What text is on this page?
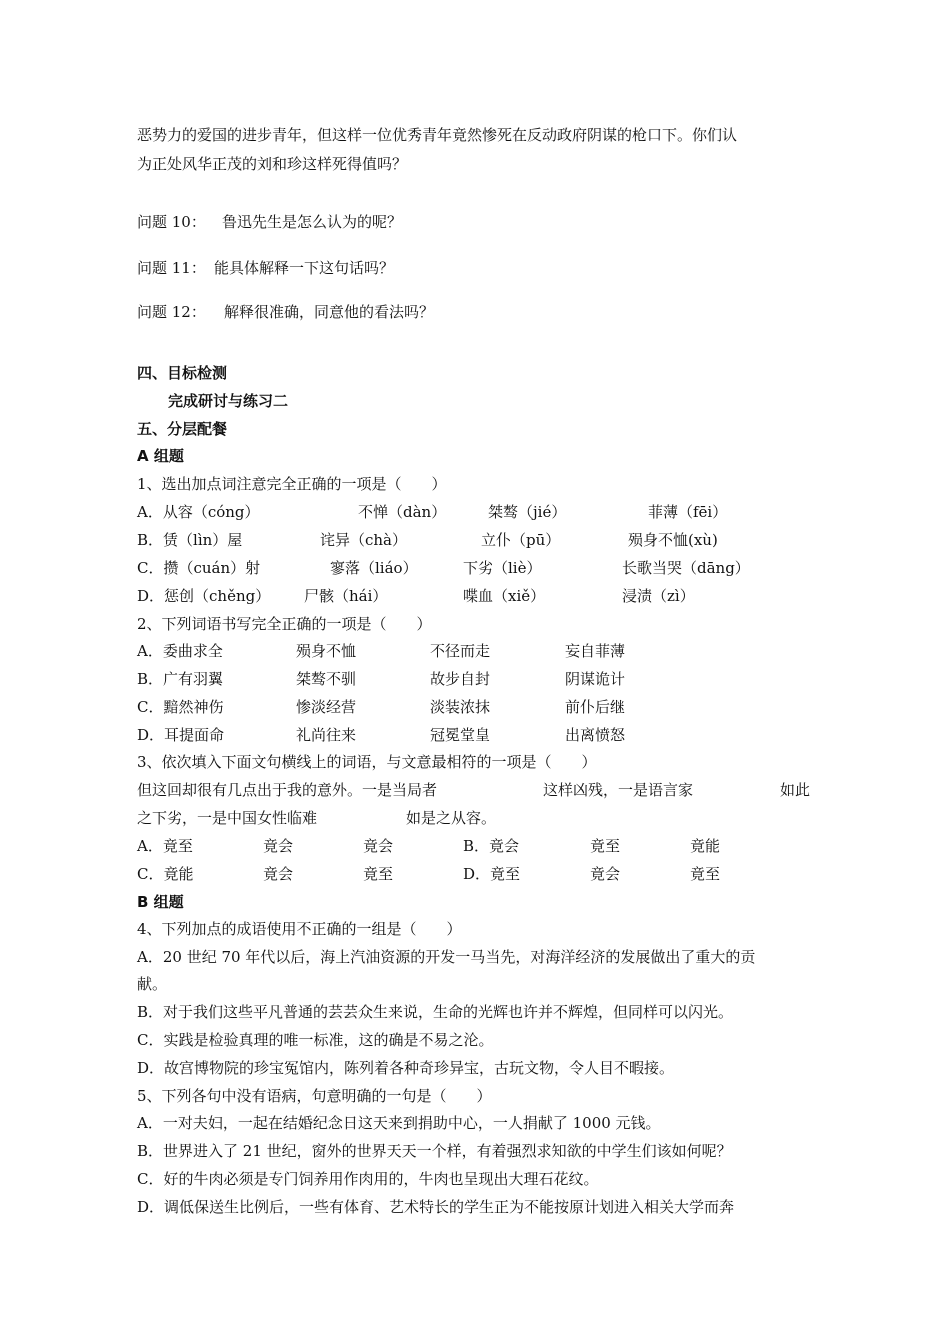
恶势力的爱国的进步青年，但这样一位优秀青年竟然惨死在反动政府阴谋的枪口下。你们认
为正处风华正茂的刘和珍这样死得值吗？
问题 10： 鲁迅先生是怎么认为的呢？
问题 11： 能具体解释一下这句话吗？
问题 12： 解释很准确，同意他的看法吗？
四、目标检测
完成研讨与练习二
五、分层配餐
A 组题
1、选出加点词注意完全正确的一项是（　　）
A．从容（cóng）	不惮（dàn）	桀骜（jié）	菲薄（fēi）
B．赁（lìn）屋	诧异（chà）	立仆（pū）	殒身不恤(xù)
C．攒（cuán）射	寥落（liáo）	下劣（liè）	长歌当哭（dāng）
D．惩创（chěng） 尸骸（hái）	喋血（xiě）	浸渍（zì）
2、下列词语书写完全正确的一项是（　　）
A．委曲求全	殒身不恤	不径而走	妄自菲薄
B．广有羽翼	桀骜不驯	故步自封	阴谋诡计
C．黯然神伤	惨淡经营	淡装浓抹	前仆后继
D．耳提面命	礼尚往来	冠冕堂皇	出离愤怒
3、依次填入下面文句横线上的词语，与文意最相符的一项是（　　）
但这回却很有几点出于我的意外。一是当局者	这样凶残，一是语言家	如此
之下劣，一是中国女性临难	如是之从容。
A．竟至	竟会	竟会	B．竟会	竟至	竟能
C．竟能	竟会	竟至	D．竟至	竟会	竟至
B 组题
4、下列加点的成语使用不正确的一组是（　　）
A．20 世纪 70 年代以后，海上汽油资源的开发一马当先，对海洋经济的发展做出了重大的贡
献。
B．对于我们这些平凡普通的芸芸众生来说，生命的光辉也许并不辉煌，但同样可以闪光。
C．实践是检验真理的唯一标准，这的确是不易之沦。
D．故宫博物院的珍宝冤馆内，陈列着各种奇珍异宝，古玩文物，令人目不暇接。
5、下列各句中没有语病，句意明确的一句是（　　）
A．一对夫妇，一起在结婚纪念日这天来到捐助中心，一人捐献了 1000 元钱。
B．世界进入了 21 世纪，窗外的世界天天一个样，有着强烈求知欲的中学生们该如何呢？
C．好的牛肉必须是专门饲养用作肉用的，牛肉也呈现出大理石花纹。
D．调低保送生比例后，一些有体育、艺术特长的学生正为不能按原计划进入相关大学而奔
